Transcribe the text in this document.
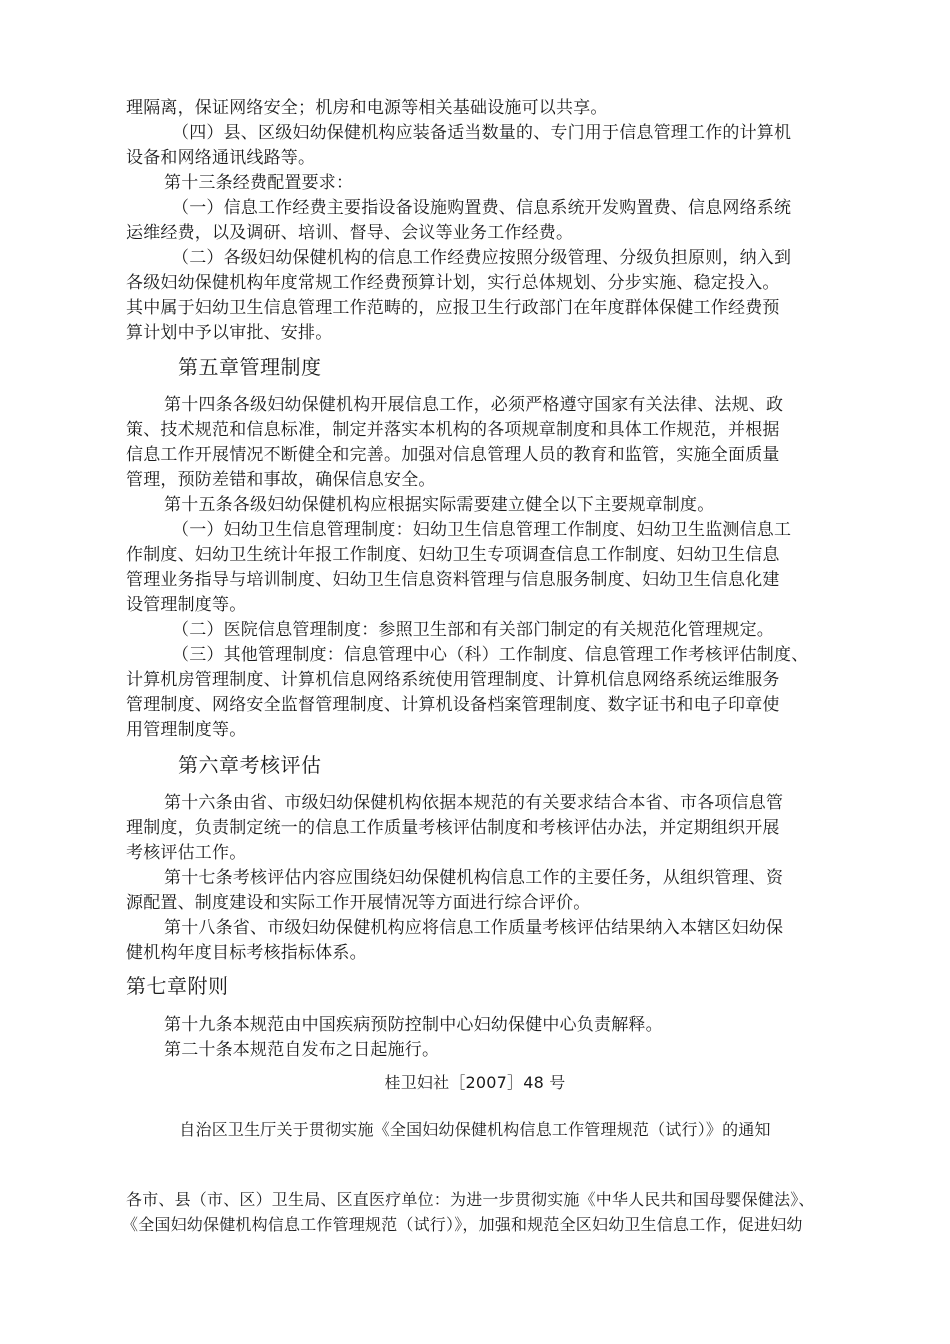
理隔离，保证网络安全；机房和电源等相关基础设施可以共享。
（四）县、区级妇幼保健机构应装备适当数量的、专门用于信息管理工作的计算机
设备和网络通讯线路等。
第十三条经费配置要求：
（一）信息工作经费主要指设备设施购置费、信息系统开发购置费、信息网络系统
运维经费，以及调研、培训、督导、会议等业务工作经费。
（二）各级妇幼保健机构的信息工作经费应按照分级管理、分级负担原则，纳入到
各级妇幼保健机构年度常规工作经费预算计划，实行总体规划、分步实施、稳定投入。
其中属于妇幼卫生信息管理工作范畴的，应报卫生行政部门在年度群体保健工作经费预
算计划中予以审批、安排。
第五章管理制度
第十四条各级妇幼保健机构开展信息工作，必须严格遵守国家有关法律、法规、政
策、技术规范和信息标准，制定并落实本机构的各项规章制度和具体工作规范，并根据
信息工作开展情况不断健全和完善。加强对信息管理人员的教育和监管，实施全面质量
管理，预防差错和事故，确保信息安全。
第十五条各级妇幼保健机构应根据实际需要建立健全以下主要规章制度。
（一）妇幼卫生信息管理制度：妇幼卫生信息管理工作制度、妇幼卫生监测信息工
作制度、妇幼卫生统计年报工作制度、妇幼卫生专项调查信息工作制度、妇幼卫生信息
管理业务指导与培训制度、妇幼卫生信息资料管理与信息服务制度、妇幼卫生信息化建
设管理制度等。
（二）医院信息管理制度：参照卫生部和有关部门制定的有关规范化管理规定。
（三）其他管理制度：信息管理中心（科）工作制度、信息管理工作考核评估制度、
计算机房管理制度、计算机信息网络系统使用管理制度、计算机信息网络系统运维服务
管理制度、网络安全监督管理制度、计算机设备档案管理制度、数字证书和电子印章使
用管理制度等。
第六章考核评估
第十六条由省、市级妇幼保健机构依据本规范的有关要求结合本省、市各项信息管
理制度，负责制定统一的信息工作质量考核评估制度和考核评估办法，并定期组织开展
考核评估工作。
第十七条考核评估内容应围绕妇幼保健机构信息工作的主要任务，从组织管理、资
源配置、制度建设和实际工作开展情况等方面进行综合评价。
第十八条省、市级妇幼保健机构应将信息工作质量考核评估结果纳入本辖区妇幼保
健机构年度目标考核指标体系。
第七章附则
第十九条本规范由中国疾病预防控制中心妇幼保健中心负责解释。
第二十条本规范自发布之日起施行。
桂卫妇社［2007］48 号
自治区卫生厅关于贯彻实施《全国妇幼保健机构信息工作管理规范（试行）》的通知
各市、县（市、区）卫生局、区直医疗单位：为进一步贯彻实施《中华人民共和国母婴保健法》、
《全国妇幼保健机构信息工作管理规范（试行）》，加强和规范全区妇幼卫生信息工作，促进妇幼
